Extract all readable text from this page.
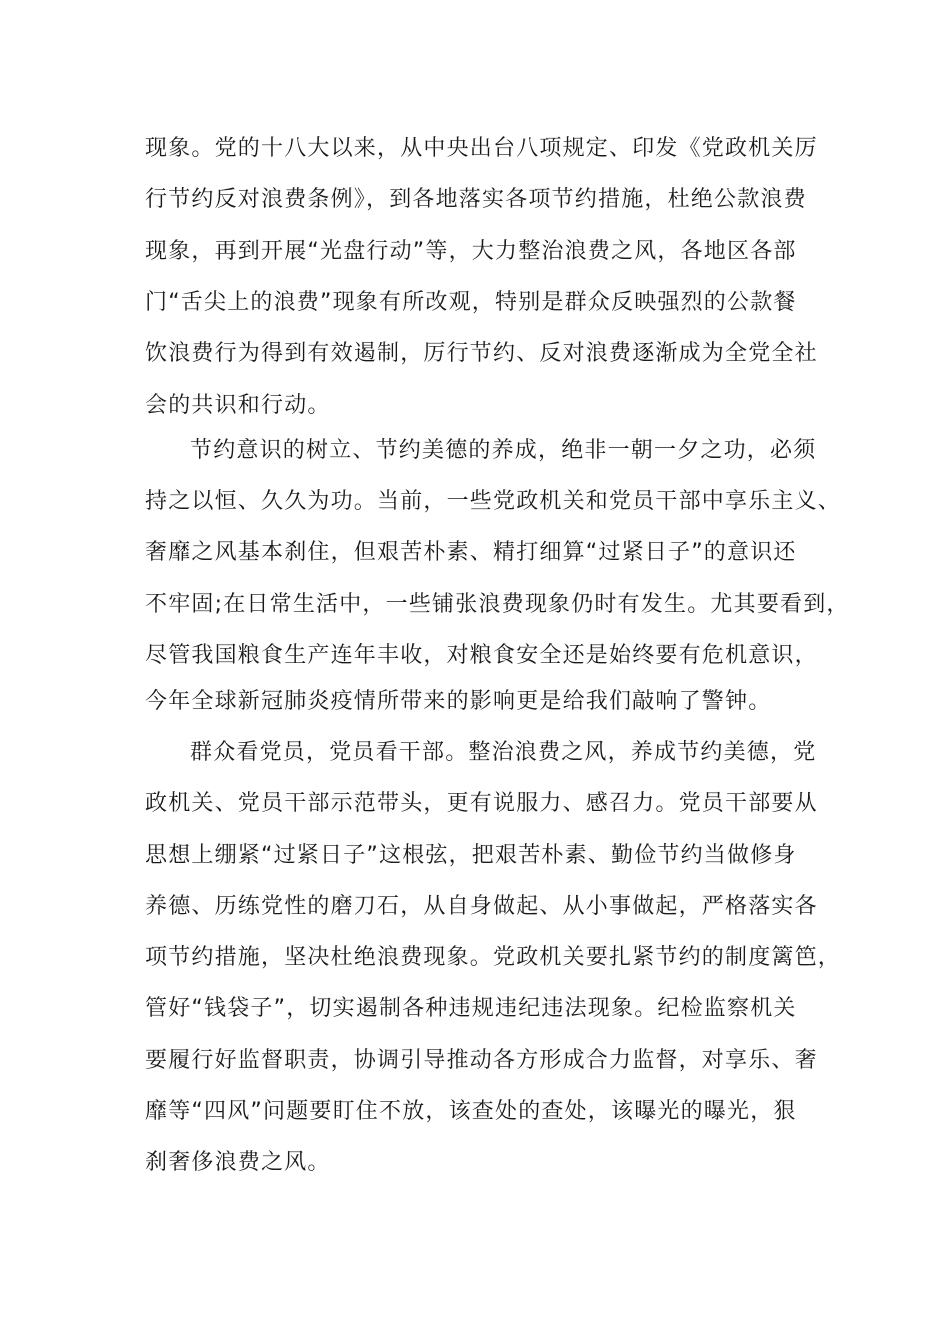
现象。党的十八大以来，从中央出台八项规定、印发《党政机关厉
行节约反对浪费条例》，到各地落实各项节约措施，杜绝公款浪费
现象，再到开展“光盘行动”等，大力整治浪费之风，各地区各部
门“舌尖上的浪费”现象有所改观，特别是群众反映强烈的公款餐
饮浪费行为得到有效遏制，厉行节约、反对浪费逐渐成为全党全社
会的共识和行动。
节约意识的树立、节约美德的养成，绝非一朝一夕之功，必须
持之以恒、久久为功。当前，一些党政机关和党员干部中享乐主义、
奢靡之风基本刹住，但艰苦朴素、精打细算“过紧日子”的意识还
不牢固;在日常生活中，一些铺张浪费现象仍时有发生。尤其要看到，
尽管我国粮食生产连年丰收，对粮食安全还是始终要有危机意识，
今年全球新冠肺炎疫情所带来的影响更是给我们敲响了警钟。
群众看党员，党员看干部。整治浪费之风，养成节约美德，党
政机关、党员干部示范带头，更有说服力、感召力。党员干部要从
思想上绷紧“过紧日子”这根弦，把艰苦朴素、勤俭节约当做修身
养德、历练党性的磨刀石，从自身做起、从小事做起，严格落实各
项节约措施，坚决杜绝浪费现象。党政机关要扎紧节约的制度篱笆，
管好“钱袋子”，切实遏制各种违规违纪违法现象。纪检监察机关
要履行好监督职责，协调引导推动各方形成合力监督，对享乐、奢
靡等“四风”问题要盯住不放，该查处的查处，该曝光的曝光，狠
刹奢侈浪费之风。
